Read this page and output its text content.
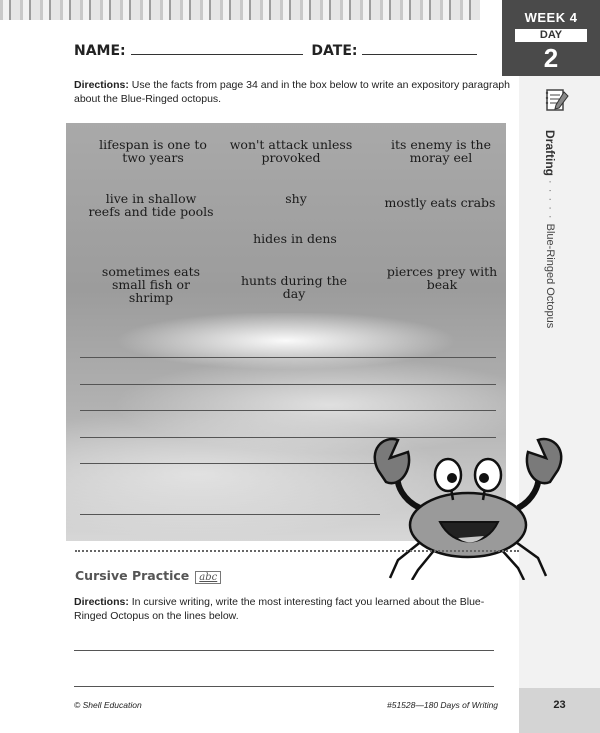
WEEK 4
DAY
2
Drafting · · · · · Blue-Ringed Octopus
NAME:	DATE:
Directions: Use the facts from page 34 and in the box below to write an expository paragraph about the Blue-Ringed octopus.
lifespan is one to two years
won't attack unless provoked
its enemy is the moray eel
live in shallow reefs and tide pools
shy	mostly eats crabs
hides in dens
sometimes eats small fish or shrimp
hunts during the day
pierces prey with beak
Cursive Practice abc
Directions: In cursive writing, write the most interesting fact you learned about the Blue-Ringed Octopus on the lines below.
© Shell Education	#51528—180 Days of Writing	23
